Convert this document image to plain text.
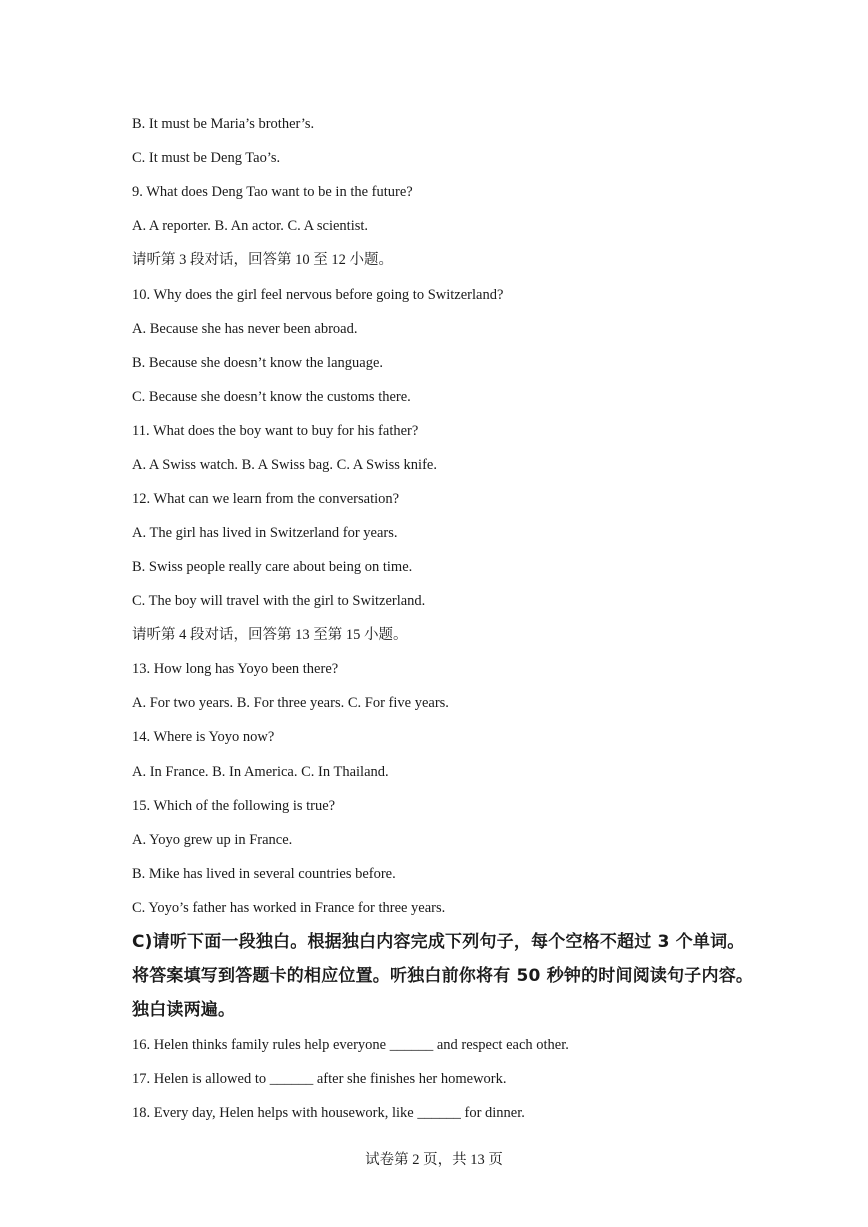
B. It must be Maria’s brother’s.
C. It must be Deng Tao’s.
9. What does Deng Tao want to be in the future?
A. A reporter. B. An actor. C. A scientist.
请听第 3 段对话，回答第 10 至 12 小题。
10. Why does the girl feel nervous before going to Switzerland?
A. Because she has never been abroad.
B. Because she doesn’t know the language.
C. Because she doesn’t know the customs there.
11. What does the boy want to buy for his father?
A. A Swiss watch. B. A Swiss bag. C. A Swiss knife.
12. What can we learn from the conversation?
A. The girl has lived in Switzerland for years.
B. Swiss people really care about being on time.
C. The boy will travel with the girl to Switzerland.
请听第 4 段对话，回答第 13 至第 15 小题。
13. How long has Yoyo been there?
A. For two years. B. For three years. C. For five years.
14. Where is Yoyo now?
A. In France. B. In America. C. In Thailand.
15. Which of the following is true?
A. Yoyo grew up in France.
B. Mike has lived in several countries before.
C. Yoyo’s father has worked in France for three years.
C)请听下面一段独白。根据独白内容完成下列句子，每个空格不超过 3 个单词。
将答案填写到答题卡的相应位置。听独白前你将有 50 秒钟的时间阅读句子内容。
独白读两遍。
16. Helen thinks family rules help everyone ______ and respect each other.
17. Helen is allowed to ______ after she finishes her homework.
18. Every day, Helen helps with housework, like ______ for dinner.
试卷第 2 页，共 13 页
